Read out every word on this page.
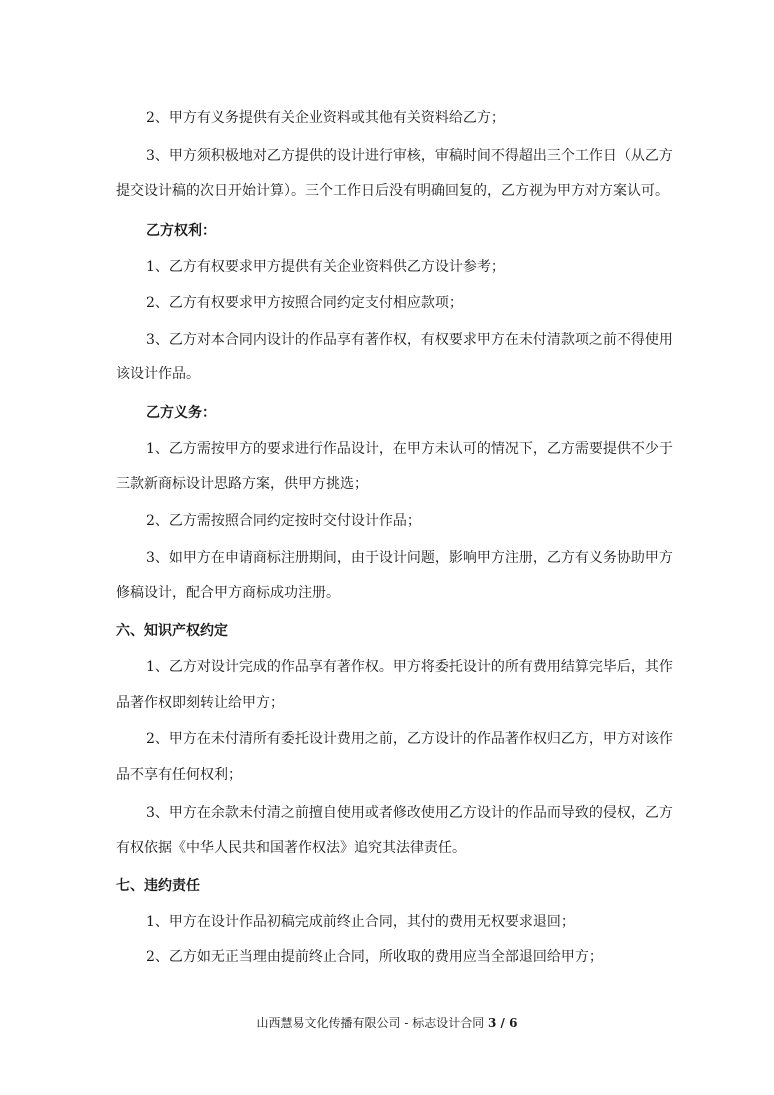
2、甲方有义务提供有关企业资料或其他有关资料给乙方；
3、甲方须积极地对乙方提供的设计进行审核，审稿时间不得超出三个工作日（从乙方
提交设计稿的次日开始计算）。三个工作日后没有明确回复的，乙方视为甲方对方案认可。
乙方权利：
1、乙方有权要求甲方提供有关企业资料供乙方设计参考；
2、乙方有权要求甲方按照合同约定支付相应款项；
3、乙方对本合同内设计的作品享有著作权，有权要求甲方在未付清款项之前不得使用
该设计作品。
乙方义务：
1、乙方需按甲方的要求进行作品设计，在甲方未认可的情况下，乙方需要提供不少于
三款新商标设计思路方案，供甲方挑选；
2、乙方需按照合同约定按时交付设计作品；
3、如甲方在申请商标注册期间，由于设计问题，影响甲方注册，乙方有义务协助甲方
修稿设计，配合甲方商标成功注册。
六、知识产权约定
1、乙方对设计完成的作品享有著作权。甲方将委托设计的所有费用结算完毕后，其作
品著作权即刻转让给甲方；
2、甲方在未付清所有委托设计费用之前，乙方设计的作品著作权归乙方，甲方对该作
品不享有任何权利；
3、甲方在余款未付清之前擅自使用或者修改使用乙方设计的作品而导致的侵权，乙方
有权依据《中华人民共和国著作权法》追究其法律责任。
七、违约责任
1、甲方在设计作品初稿完成前终止合同，其付的费用无权要求退回；
2、乙方如无正当理由提前终止合同，所收取的费用应当全部退回给甲方；
山西慧易文化传播有限公司 - 标志设计合同 3 / 6
